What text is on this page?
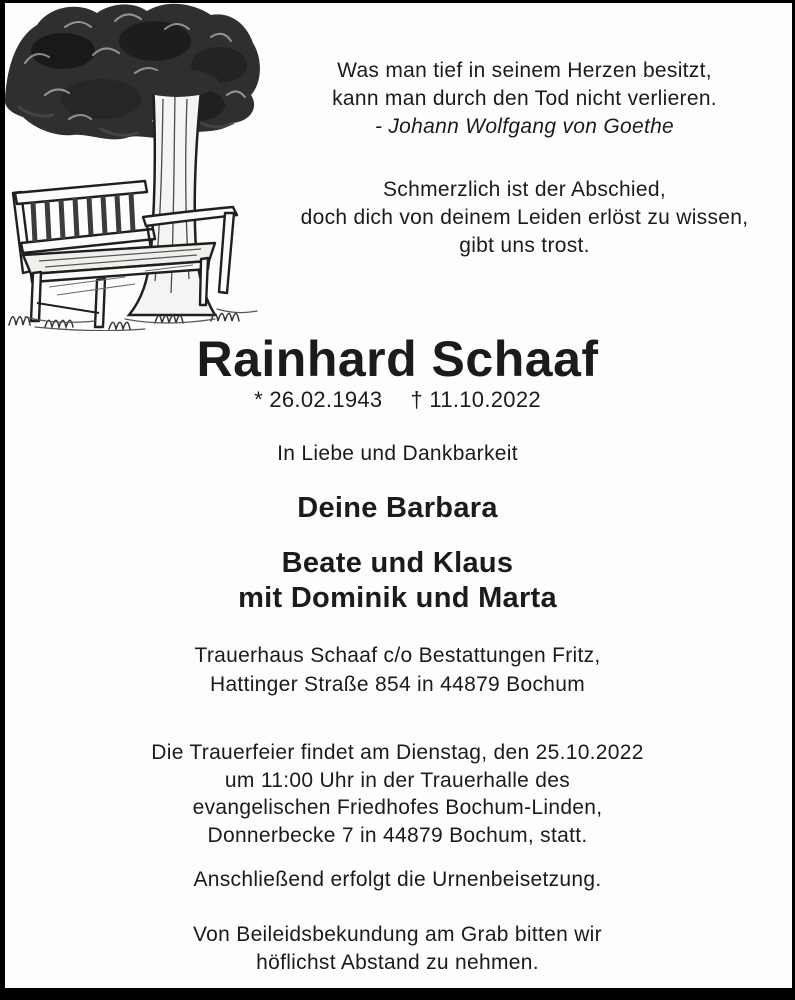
Was man tief in seinem Herzen besitzt,
kann man durch den Tod nicht verlieren.
- Johann Wolfgang von Goethe
Schmerzlich ist der Abschied,
doch dich von deinem Leiden erlöst zu wissen,
gibt uns trost.
Rainhard Schaaf
* 26.02.1943 † 11.10.2022
In Liebe und Dankbarkeit
Deine Barbara
Beate und Klaus
mit Dominik und Marta
Trauerhaus Schaaf c/o Bestattungen Fritz,
Hattinger Straße 854 in 44879 Bochum
Die Trauerfeier findet am Dienstag, den 25.10.2022
um 11:00 Uhr in der Trauerhalle des
evangelischen Friedhofes Bochum-Linden,
Donnerbecke 7 in 44879 Bochum, statt.
Anschließend erfolgt die Urnenbeisetzung.
Von Beileidsbekundung am Grab bitten wir
höflichst Abstand zu nehmen.
